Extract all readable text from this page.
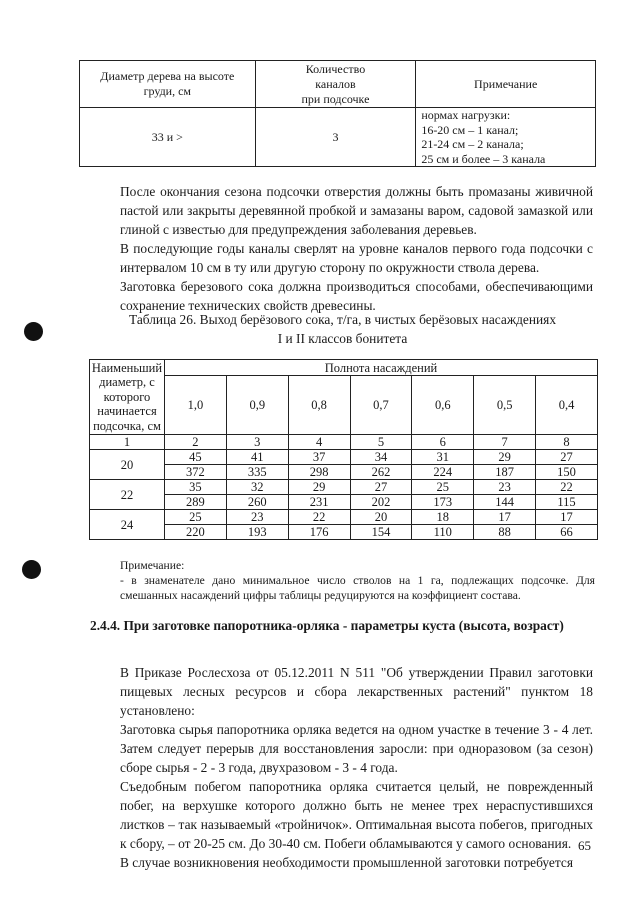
Диаметр дерева на высоте
груди, см	Количество
каналов
при подсочке	Примечание
33 и >	3	нормах нагрузки:
16-20 см – 1 канал;
21-24 см – 2 канала;
25 см и более – 3 канала
После окончания сезона подсочки отверстия должны быть промазаны живичной пастой или закрыты деревянной пробкой и замазаны варом, садовой замазкой или глиной с известью для предупреждения заболевания деревьев.
В последующие годы каналы сверлят на уровне каналов первого года подсочки с интервалом 10 см в ту или другую сторону по окружности ствола дерева.
Заготовка березового сока должна производиться способами, обеспечивающими сохранение технических свойств древесины.
Таблица 26. Выход берёзового сока, т/га, в чистых берёзовых насаждениях
I и II классов бонитета
Наименьший
диаметр, с
которого
начинается
подсочка, см	Полнота насаждений						
	1,0	0,9	0,8	0,7	0,6	0,5	0,4
1	2	3	4	5	6	7	8
20	45	41	37	34	31	29	27
	372	335	298	262	224	187	150
22	35	32	29	27	25	23	22
	289	260	231	202	173	144	115
24	25	23	22	20	18	17	17
	220	193	176	154	110	88	66
Примечание:
- в знаменателе дано минимальное число стволов на 1 га, подлежащих подсочке. Для смешанных насаждений цифры таблицы редуцируются на коэффициент состава.
2.4.4. При заготовке папоротника-орляка - параметры куста (высота, возраст)
В Приказе Рослесхоза от 05.12.2011 N 511 "Об утверждении Правил заготовки пищевых лесных ресурсов и сбора лекарственных растений" пунктом 18 установлено:
Заготовка сырья папоротника орляка ведется на одном участке в течение 3 - 4 лет. Затем следует перерыв для восстановления заросли: при одноразовом (за сезон) сборе сырья - 2 - 3 года, двухразовом - 3 - 4 года.
Съедобным побегом папоротника орляка считается целый, не поврежденный побег, на верхушке которого должно быть не менее трех нераспустившихся листков – так называемый «тройничок». Оптимальная высота побегов, пригодных к сбору, – от 20-25 см. До 30-40 см. Побеги обламываются у самого основания.
В случае возникновения необходимости промышленной заготовки потребуется
65
